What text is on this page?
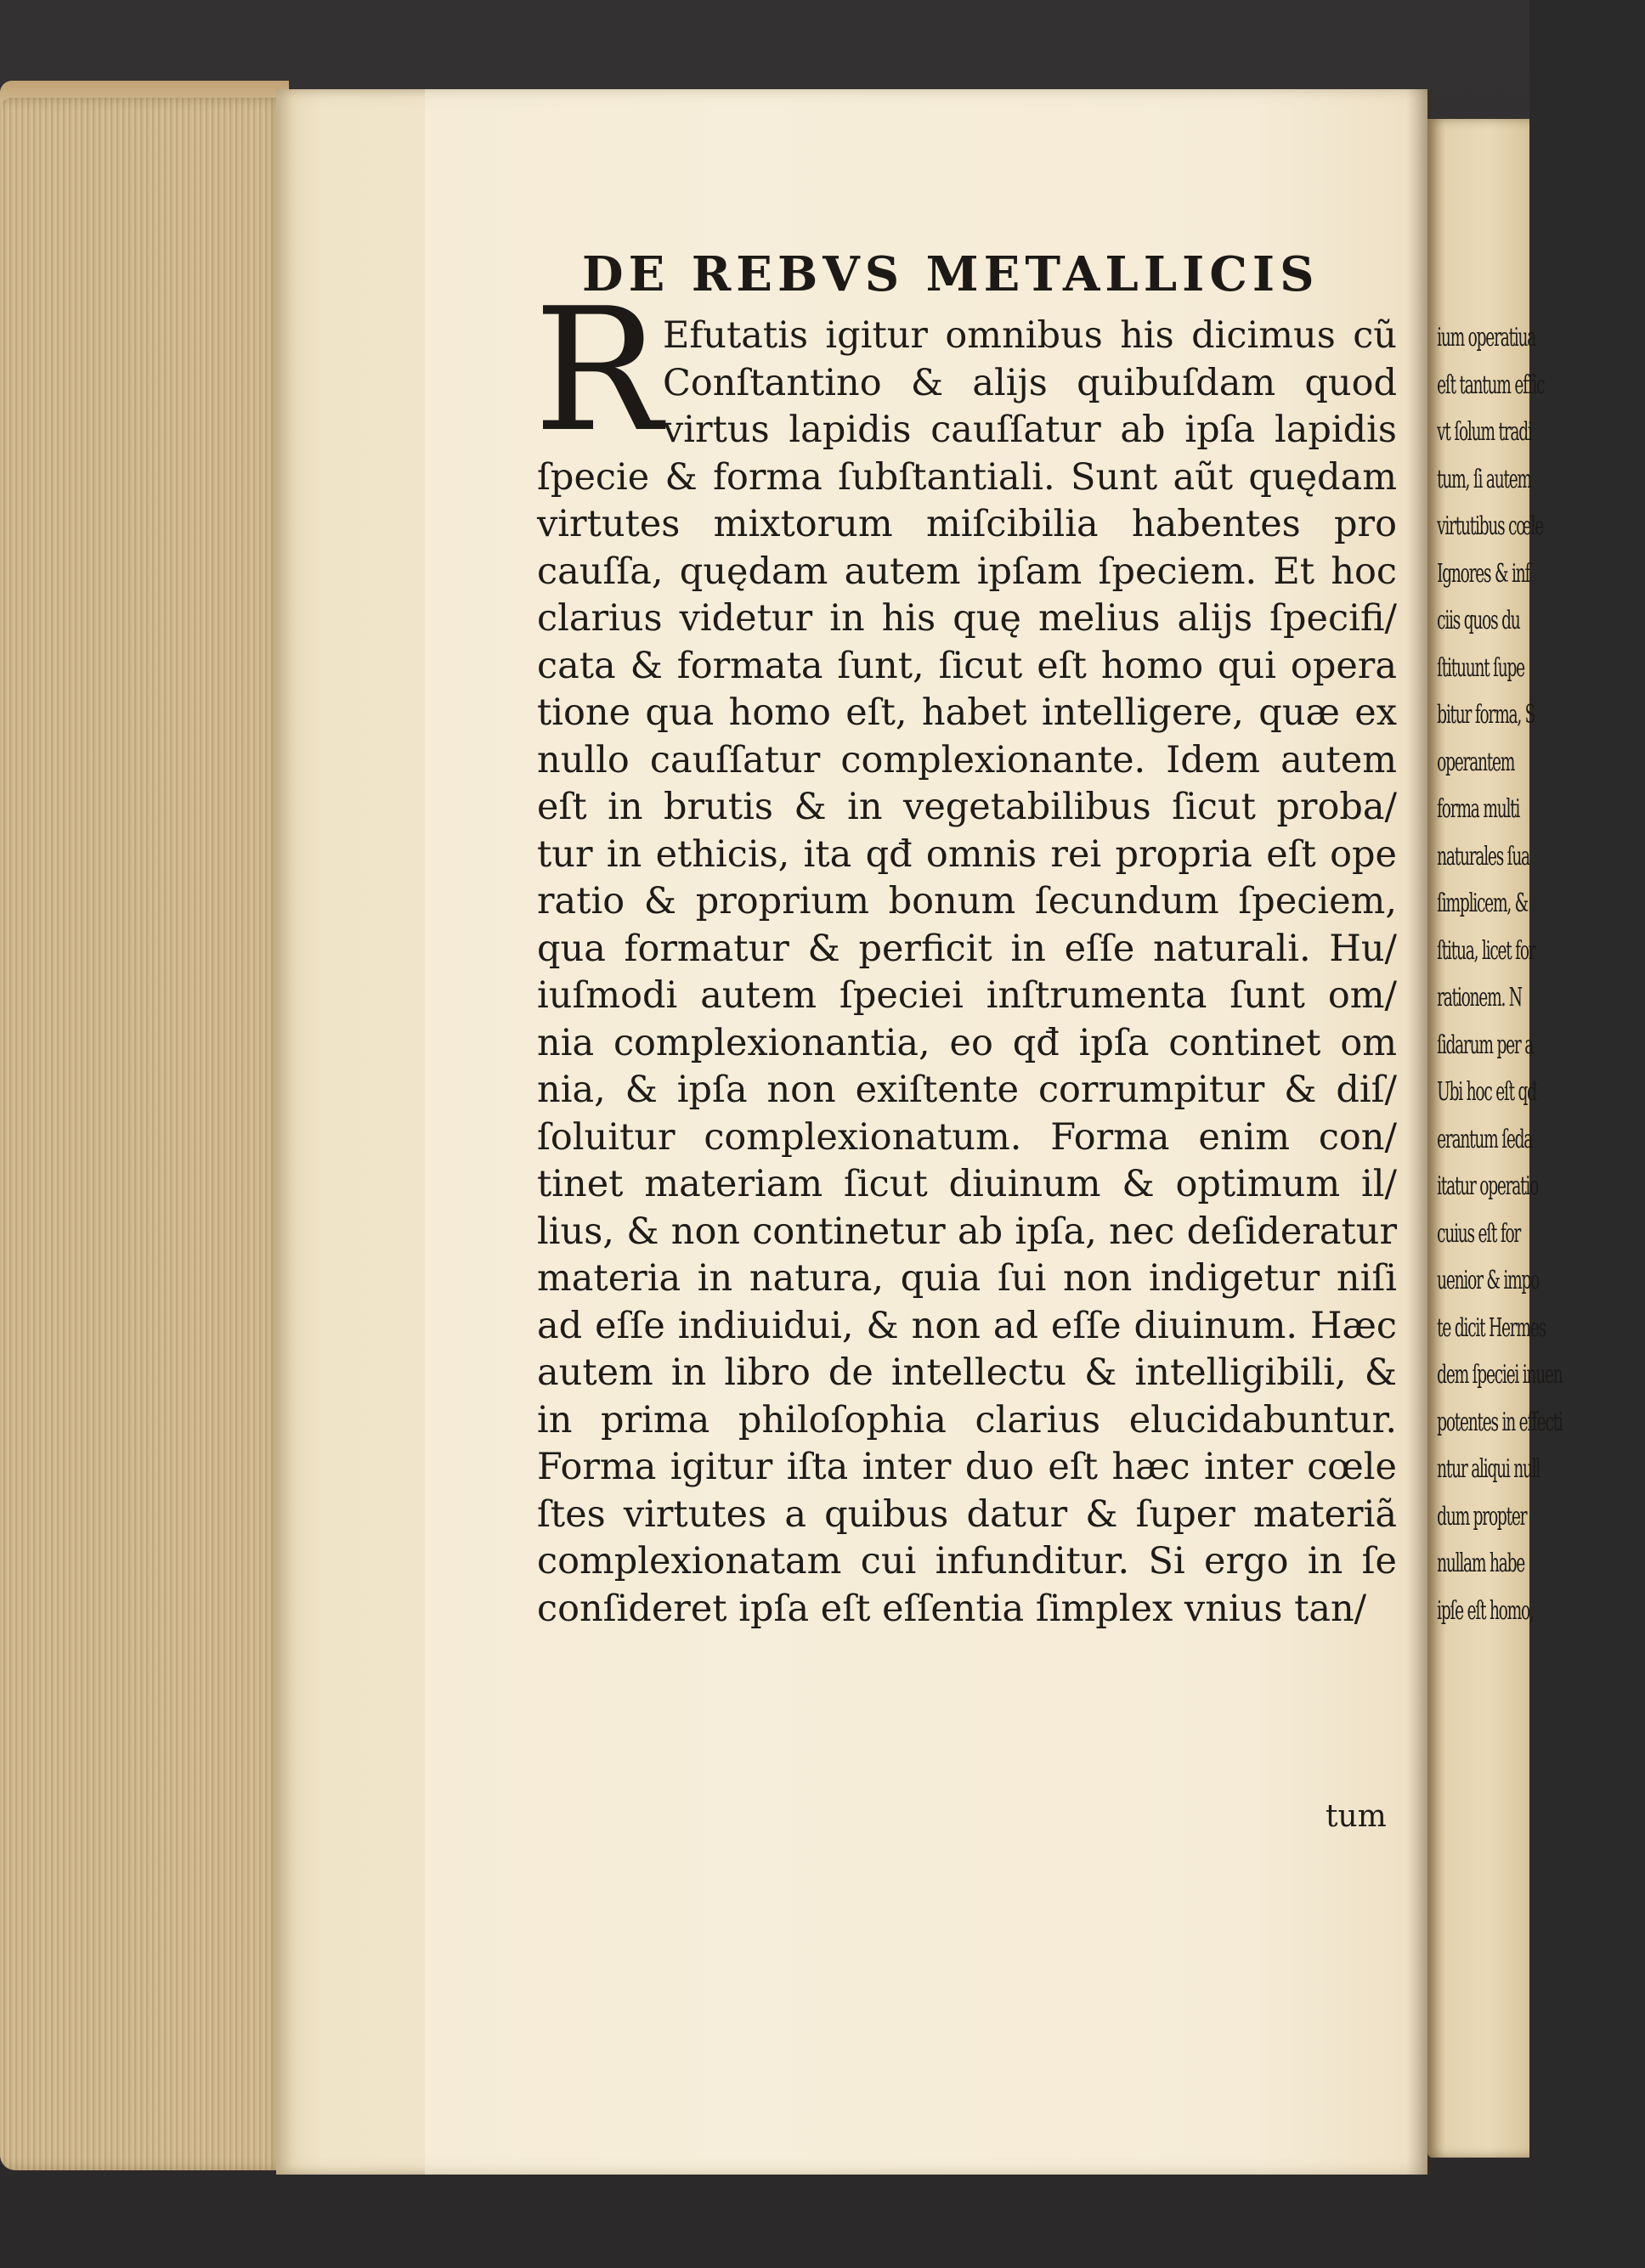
ium operatiua
eſt tantum effic
vt ſolum tradi
tum, ſi autem
virtutibus cœle
Ignores & inf
ciis quos du
ſtituunt ſupe
bitur forma, S
operantem
forma multi
naturales ſua
ſimplicem, &
ſtitua, licet for
rationem. N
ſidarum per a
Ubi hoc eſt qđ
erantum ſeda
itatur operatio
cuius eſt for
uenior & impo
te dicit Hermes
dem ſpeciei inuen
potentes in effecti
ntur aliqui null
dum propter
nullam habe
ipſe eſt homo,
DE REBVS METALLICIS
R Efutatis igitur omnibus his dicimus cũ
Conſtantino & alijs quibuſdam quod
virtus lapidis cauſſatur ab ipſa lapidis
ſpecie & forma ſubſtantiali. Sunt aũt quędam
virtutes mixtorum miſcibilia habentes pro
cauſſa, quędam autem ipſam ſpeciem. Et hoc
clarius videtur in his quę melius alijs ſpecifi/
cata & formata ſunt, ſicut eſt homo qui opera
tione qua homo eſt, habet intelligere, quæ ex
nullo cauſſatur complexionante. Idem autem
eſt in brutis & in vegetabilibus ſicut proba/
tur in ethicis, ita qđ omnis rei propria eſt ope
ratio & proprium bonum ſecundum ſpeciem,
qua formatur & perficit in eſſe naturali. Hu/
iuſmodi autem ſpeciei inſtrumenta ſunt om/
nia complexionantia, eo qđ ipſa continet om
nia, & ipſa non exiſtente corrumpitur & diſ/
ſoluitur complexionatum. Forma enim con/
tinet materiam ſicut diuinum & optimum il/
lius, & non continetur ab ipſa, nec deſideratur
materia in natura, quia ſui non indigetur niſi
ad eſſe indiuidui, & non ad eſſe diuinum. Hæc
autem in libro de intellectu & intelligibili, &
in prima philoſophia clarius elucidabuntur.
Forma igitur iſta inter duo eſt hæc inter cœle
ſtes virtutes a quibus datur & ſuper materiã
complexionatam cui infunditur. Si ergo in ſe
conſideret ipſa eſt eſſentia ſimplex vnius tan/
tum
